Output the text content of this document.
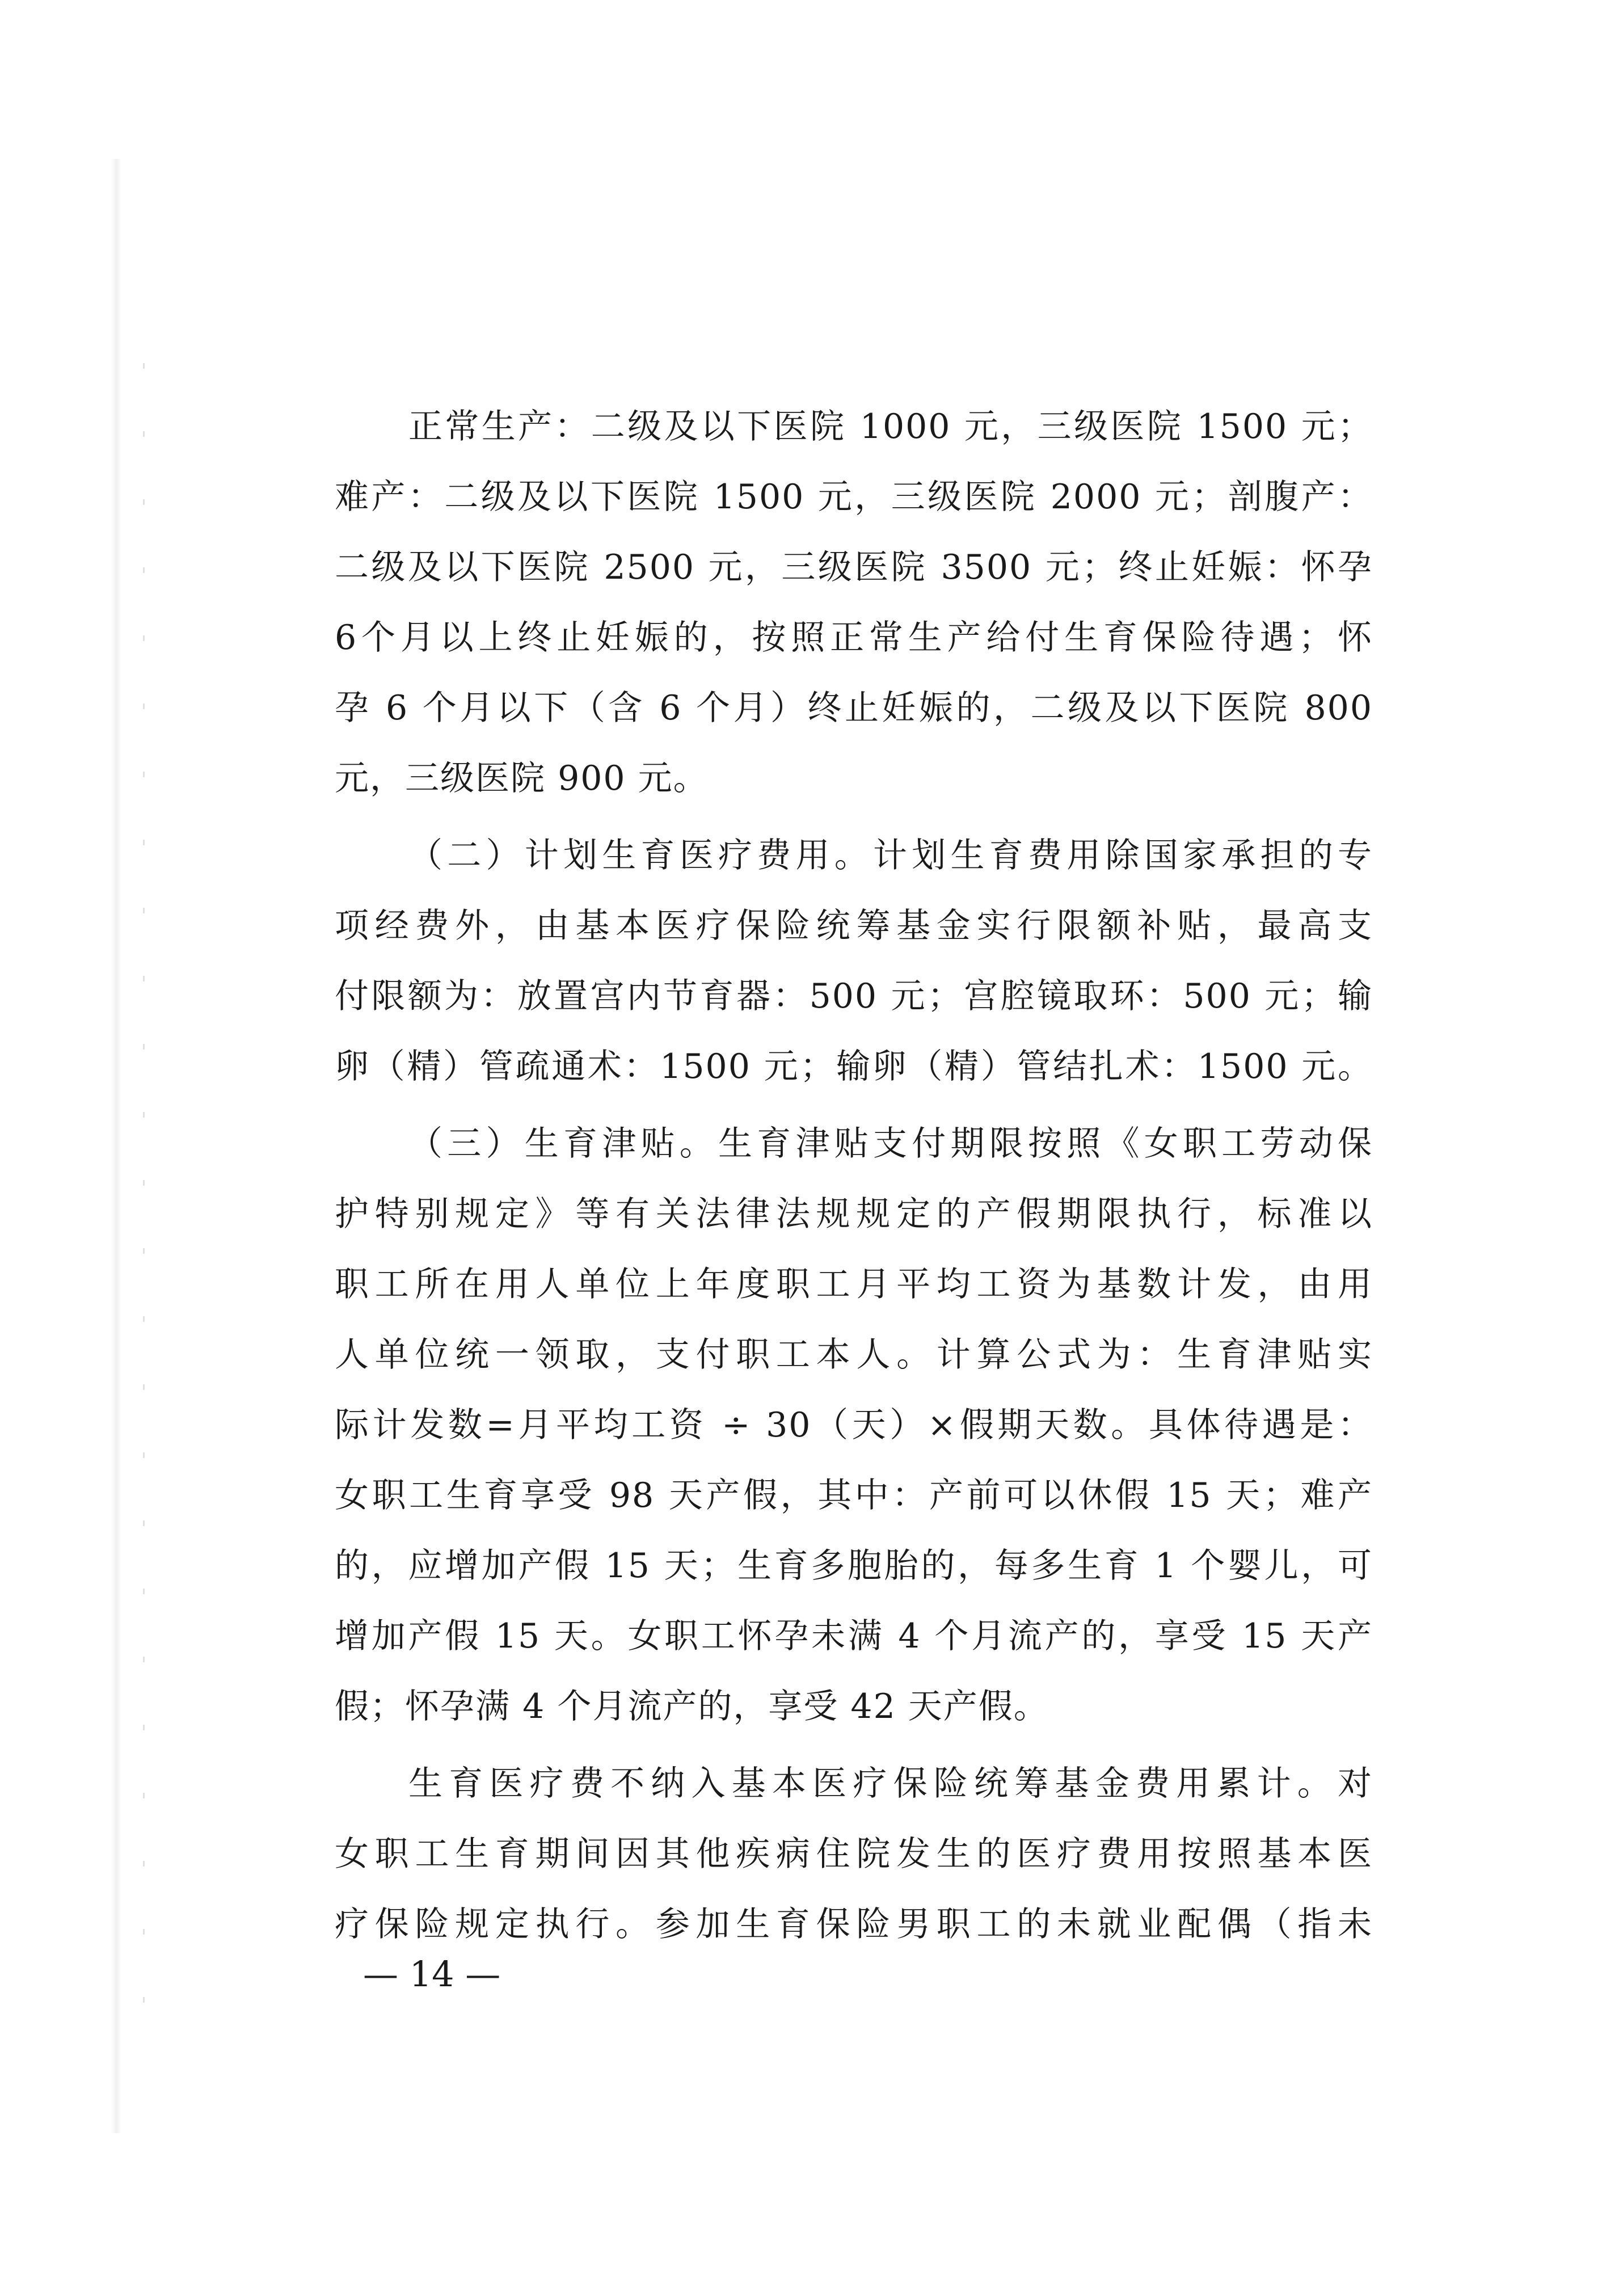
正常生产：二级及以下医院 1000 元，三级医院 1500 元；
难产：二级及以下医院 1500 元，三级医院 2000 元；剖腹产：
二级及以下医院 2500 元，三级医院 3500 元；终止妊娠：怀孕
6个月以上终止妊娠的，按照正常生产给付生育保险待遇；怀
孕 6 个月以下（含 6 个月）终止妊娠的，二级及以下医院 800
元，三级医院 900 元。
（二）计划生育医疗费用。计划生育费用除国家承担的专
项经费外，由基本医疗保险统筹基金实行限额补贴，最高支
付限额为：放置宫内节育器：500 元；宫腔镜取环：500 元；输
卵（精）管疏通术：1500 元；输卵（精）管结扎术：1500 元。
（三）生育津贴。生育津贴支付期限按照《女职工劳动保
护特别规定》等有关法律法规规定的产假期限执行，标准以
职工所在用人单位上年度职工月平均工资为基数计发，由用
人单位统一领取，支付职工本人。计算公式为：生育津贴实
际计发数=月平均工资 ÷ 30（天）×假期天数。具体待遇是：
女职工生育享受 98 天产假，其中：产前可以休假 15 天；难产
的，应增加产假 15 天；生育多胞胎的，每多生育 1 个婴儿，可
增加产假 15 天。女职工怀孕未满 4 个月流产的，享受 15 天产
假；怀孕满 4 个月流产的，享受 42 天产假。
生育医疗费不纳入基本医疗保险统筹基金费用累计。对
女职工生育期间因其他疾病住院发生的医疗费用按照基本医
疗保险规定执行。参加生育保险男职工的未就业配偶（指未
— 14 —
